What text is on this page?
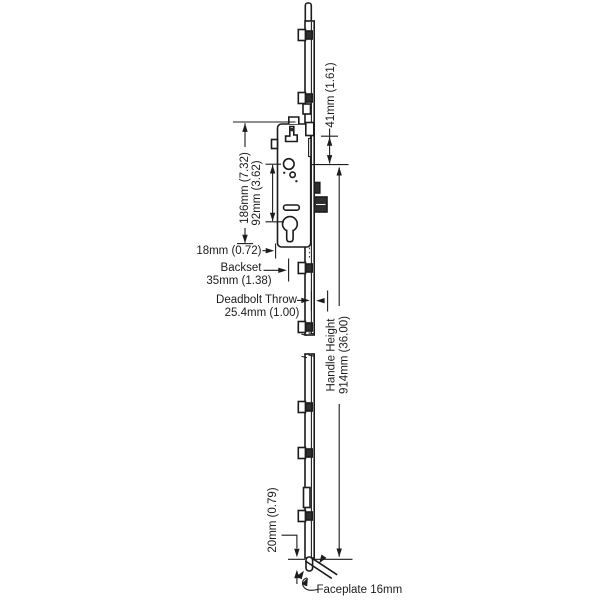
41mm (1.61)
186mm (7.32) 92mm (3.62)
18mm (0.72)
Backset
35mm (1.38)
Deadbolt Throw
25.4mm (1.00)
Handle Height 914mm (36.00)
20mm (0.79)
Faceplate 16mm
